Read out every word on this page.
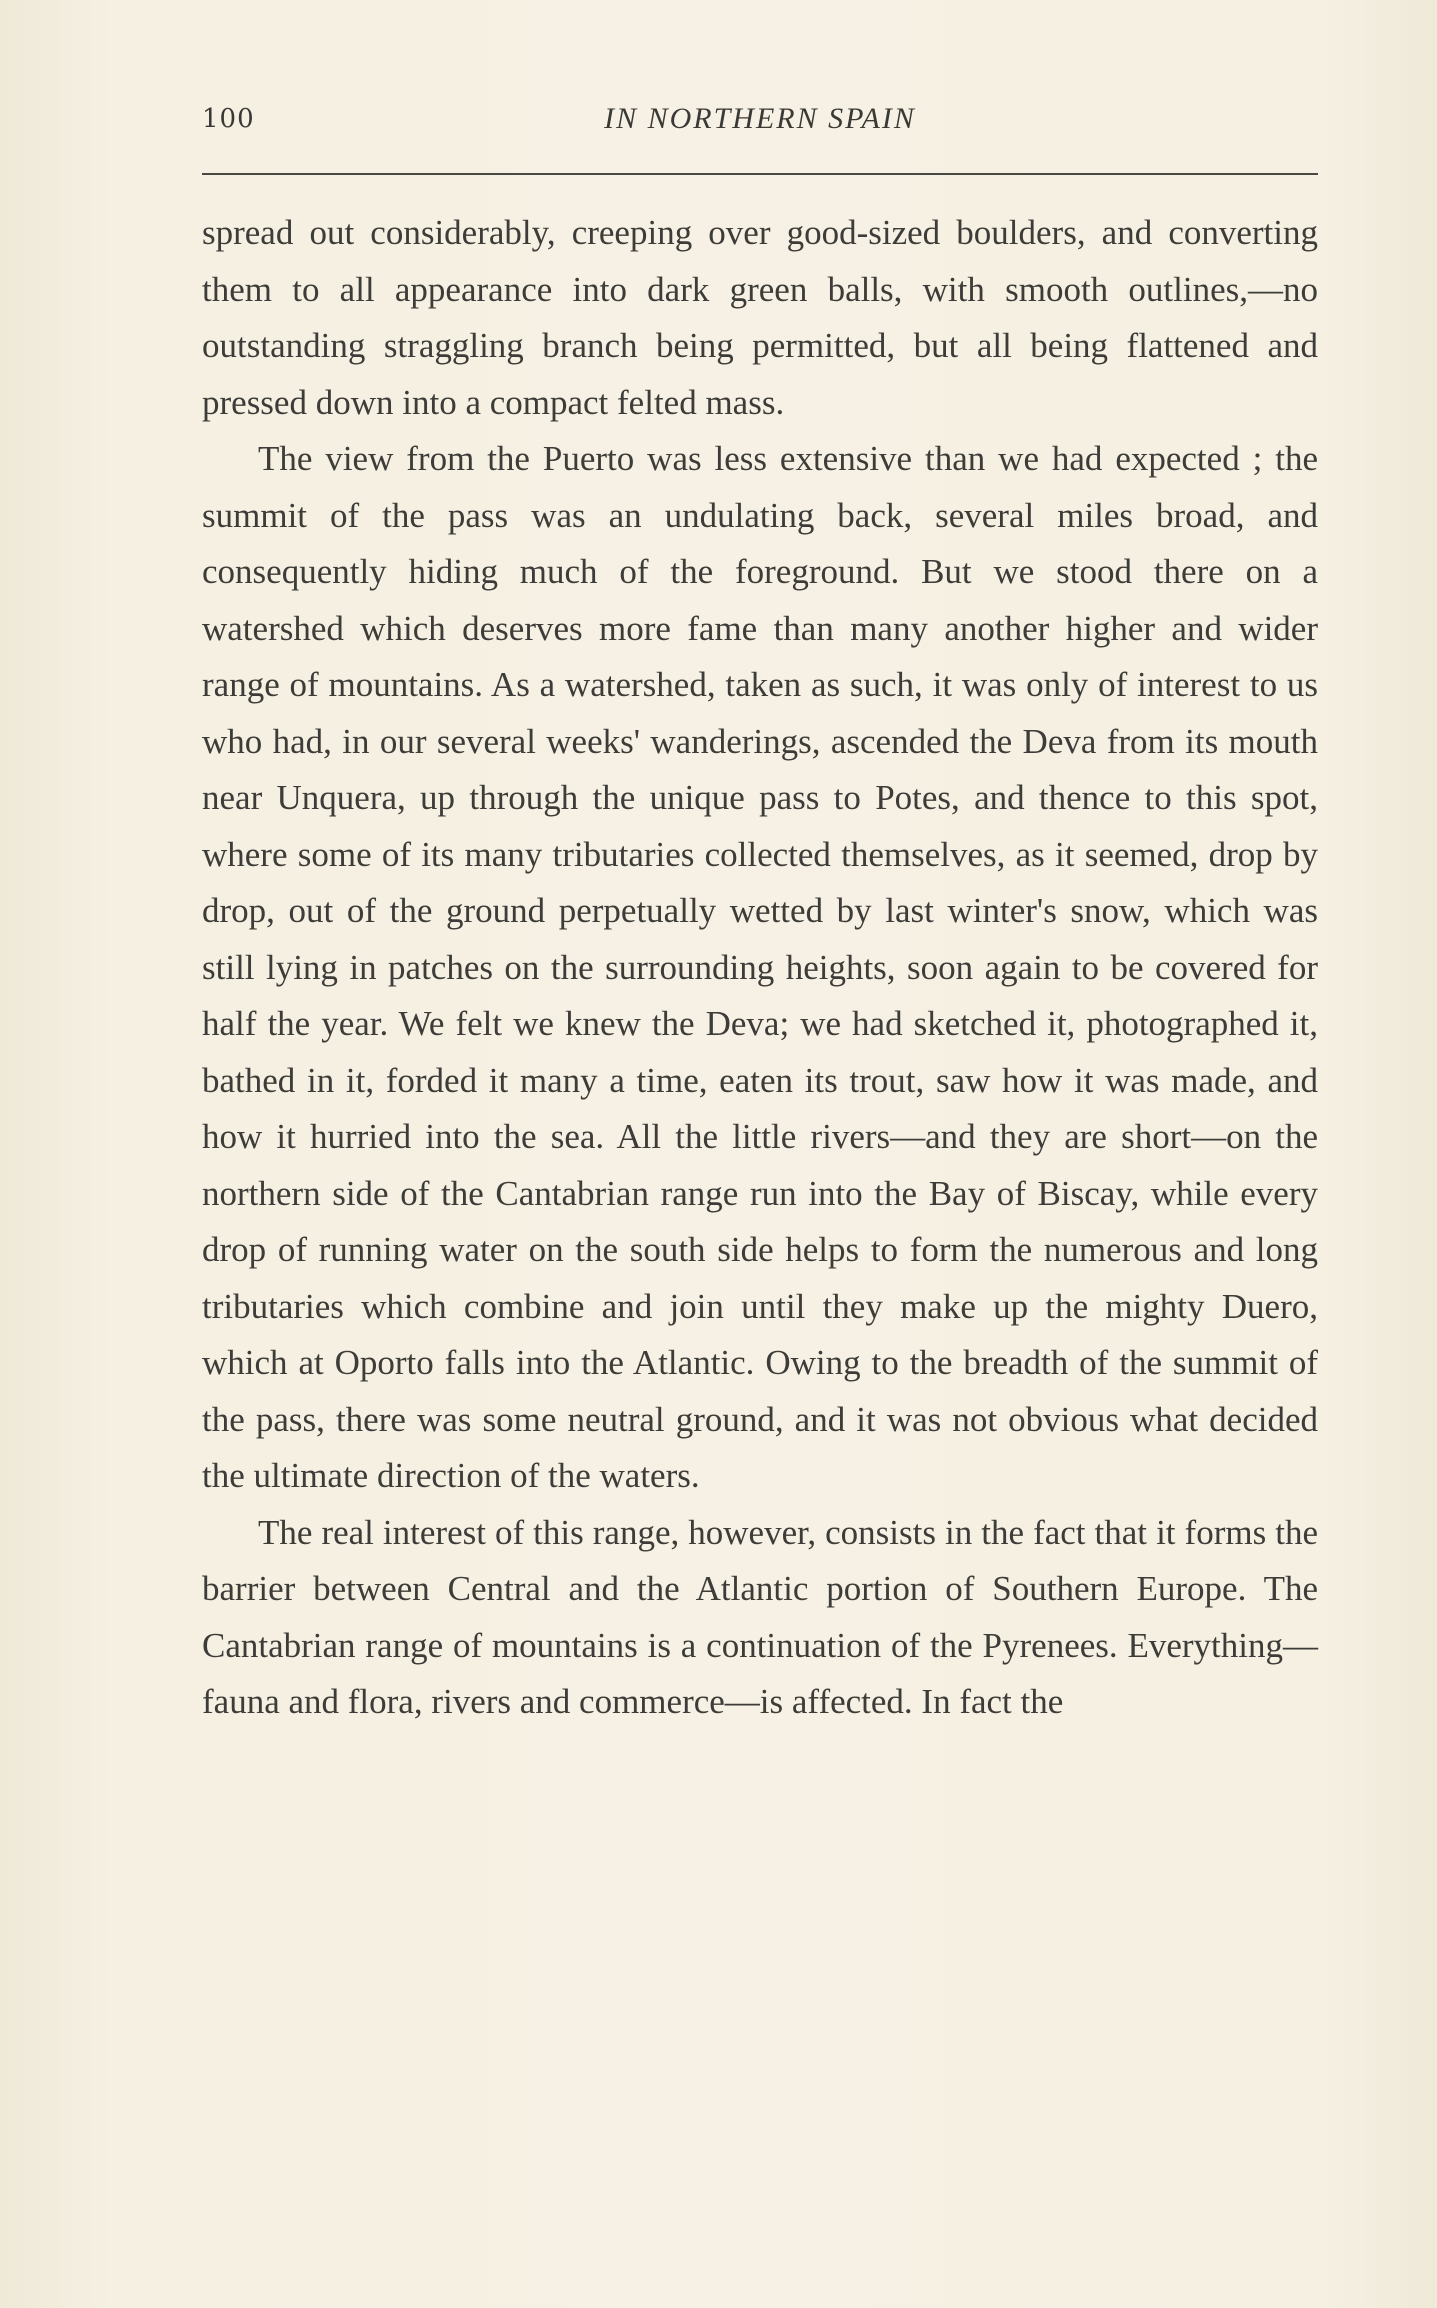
100	IN NORTHERN SPAIN

spread out considerably, creeping over good-sized boulders, and converting them to all appearance into dark green balls, with smooth outlines,—no outstanding straggling branch being permitted, but all being flattened and pressed down into a compact felted mass.

The view from the Puerto was less extensive than we had expected ; the summit of the pass was an undulating back, several miles broad, and consequently hiding much of the foreground. But we stood there on a watershed which deserves more fame than many another higher and wider range of mountains. As a watershed, taken as such, it was only of interest to us who had, in our several weeks' wanderings, ascended the Deva from its mouth near Unquera, up through the unique pass to Potes, and thence to this spot, where some of its many tributaries collected themselves, as it seemed, drop by drop, out of the ground perpetually wetted by last winter's snow, which was still lying in patches on the surrounding heights, soon again to be covered for half the year. We felt we knew the Deva; we had sketched it, photographed it, bathed in it, forded it many a time, eaten its trout, saw how it was made, and how it hurried into the sea. All the little rivers—and they are short—on the northern side of the Cantabrian range run into the Bay of Biscay, while every drop of running water on the south side helps to form the numerous and long tributaries which combine and join until they make up the mighty Duero, which at Oporto falls into the Atlantic. Owing to the breadth of the summit of the pass, there was some neutral ground, and it was not obvious what decided the ultimate direction of the waters.

The real interest of this range, however, consists in the fact that it forms the barrier between Central and the Atlantic portion of Southern Europe. The Cantabrian range of mountains is a continuation of the Pyrenees. Everything—fauna and flora, rivers and commerce—is affected. In fact the
